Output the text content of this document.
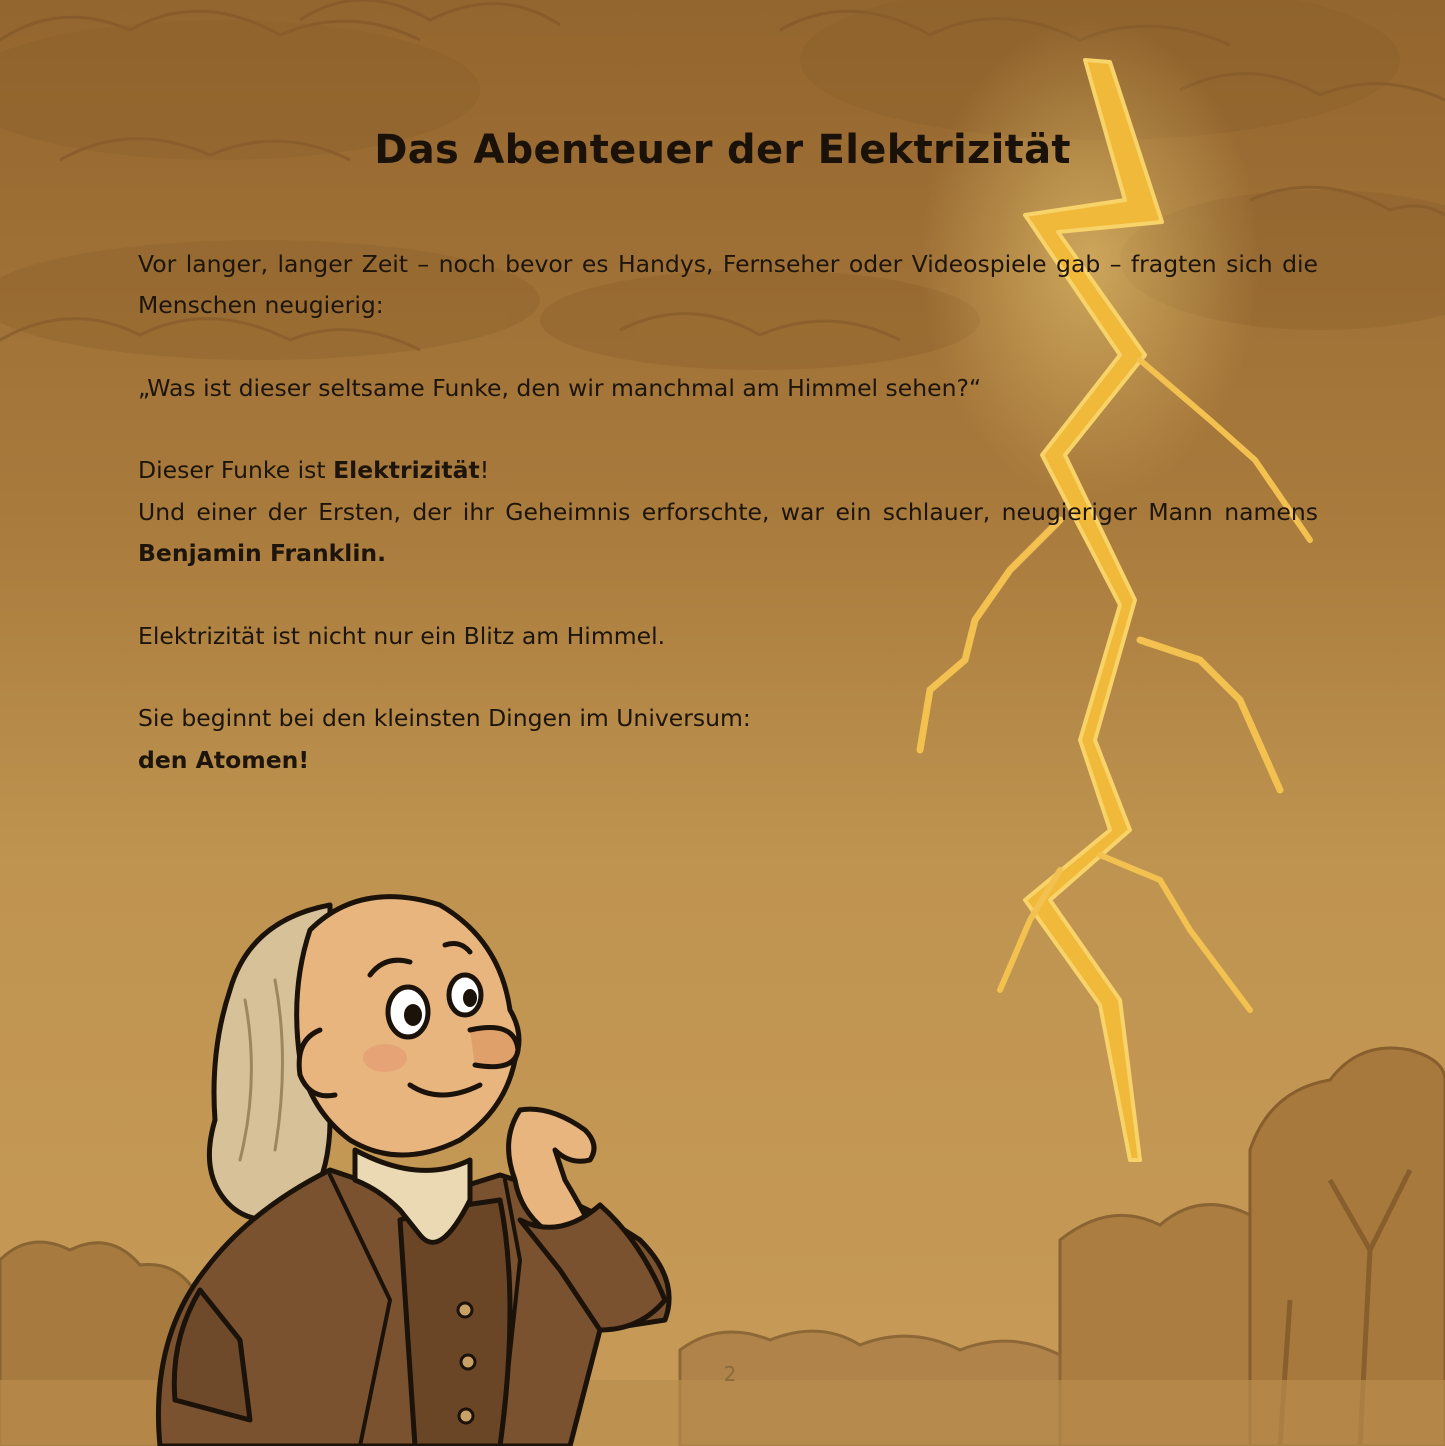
Das Abenteuer der Elektrizität

Vor langer, langer Zeit – noch bevor es Handys, Fernseher oder Videospiele gab – fragten sich die Menschen neugierig:

„Was ist dieser seltsame Funke, den wir manchmal am Himmel sehen?“

Dieser Funke ist Elektrizität!

Und einer der Ersten, der ihr Geheimnis erforschte, war ein schlauer, neugieriger Mann namens
Benjamin Franklin.

Elektrizität ist nicht nur ein Blitz am Himmel.

Sie beginnt bei den kleinsten Dingen im Universum:
den Atomen!

2
